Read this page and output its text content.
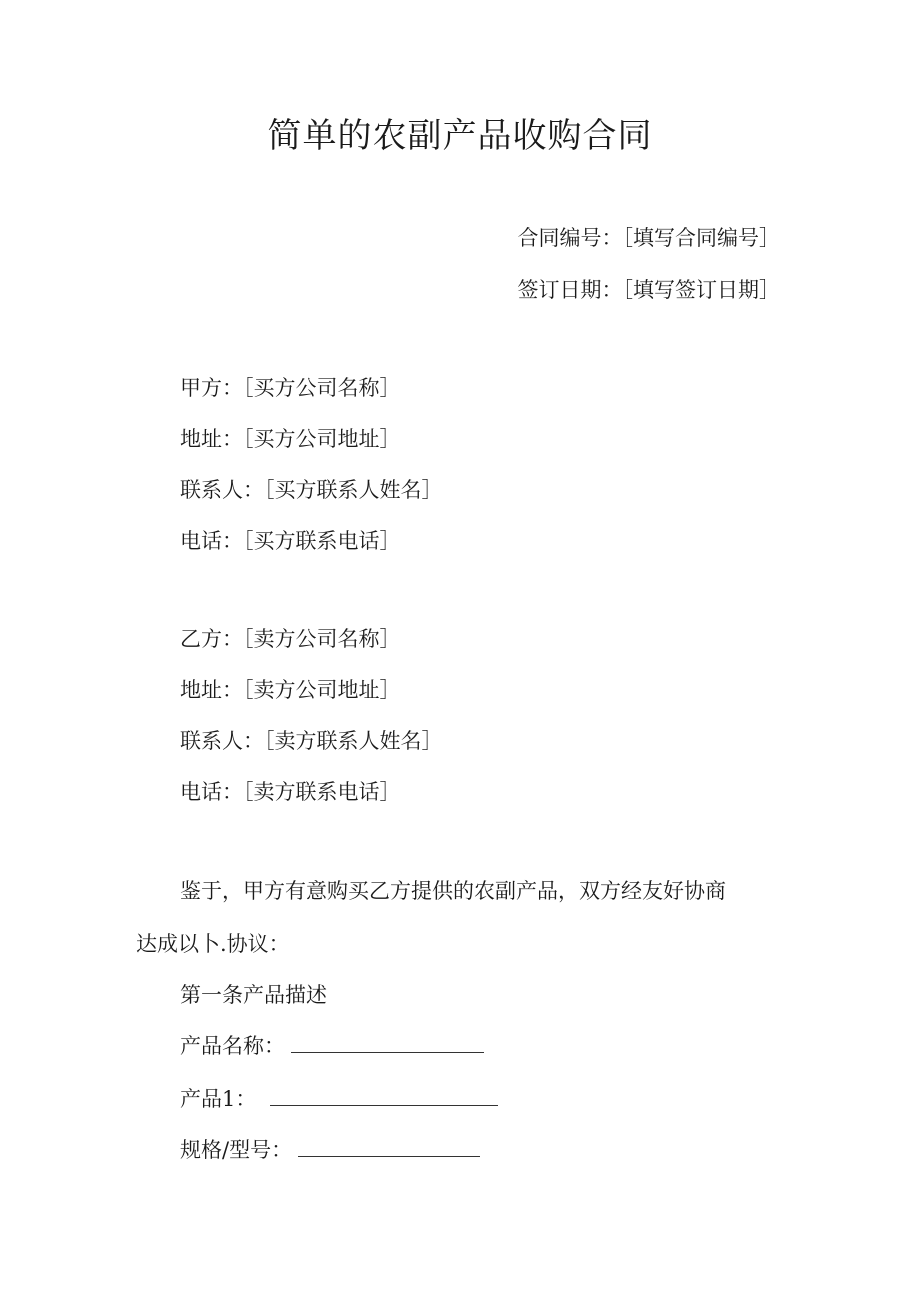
简单的农副产品收购合同
合同编号：［填写合同编号］
签订日期：［填写签订日期］
甲方：［买方公司名称］
地址：［买方公司地址］
联系人：［买方联系人姓名］
电话：［买方联系电话］
乙方：［卖方公司名称］
地址：［卖方公司地址］
联系人：［卖方联系人姓名］
电话：［卖方联系电话］
鉴于，甲方有意购买乙方提供的农副产品，双方经友好协商
达成以卜.协议：
第一条产品描述
产品名称：
产品1：
规格/型号：
